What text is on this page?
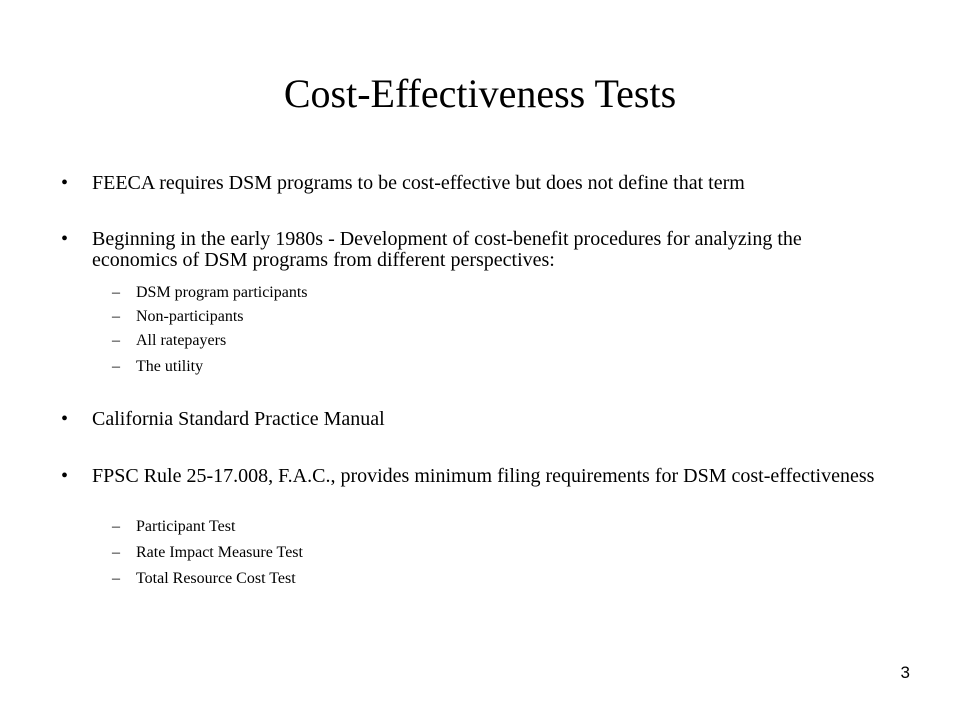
Cost-Effectiveness Tests
• FEECA requires DSM programs to be cost-effective but does not define that term
• Beginning in the early 1980s - Development of cost-benefit procedures for analyzing the economics of DSM programs from different perspectives:
– DSM program participants
– Non-participants
– All ratepayers
– The utility
• California Standard Practice Manual
• FPSC Rule 25-17.008, F.A.C., provides minimum filing requirements for DSM cost-effectiveness
– Participant Test
– Rate Impact Measure Test
– Total Resource Cost Test
3
